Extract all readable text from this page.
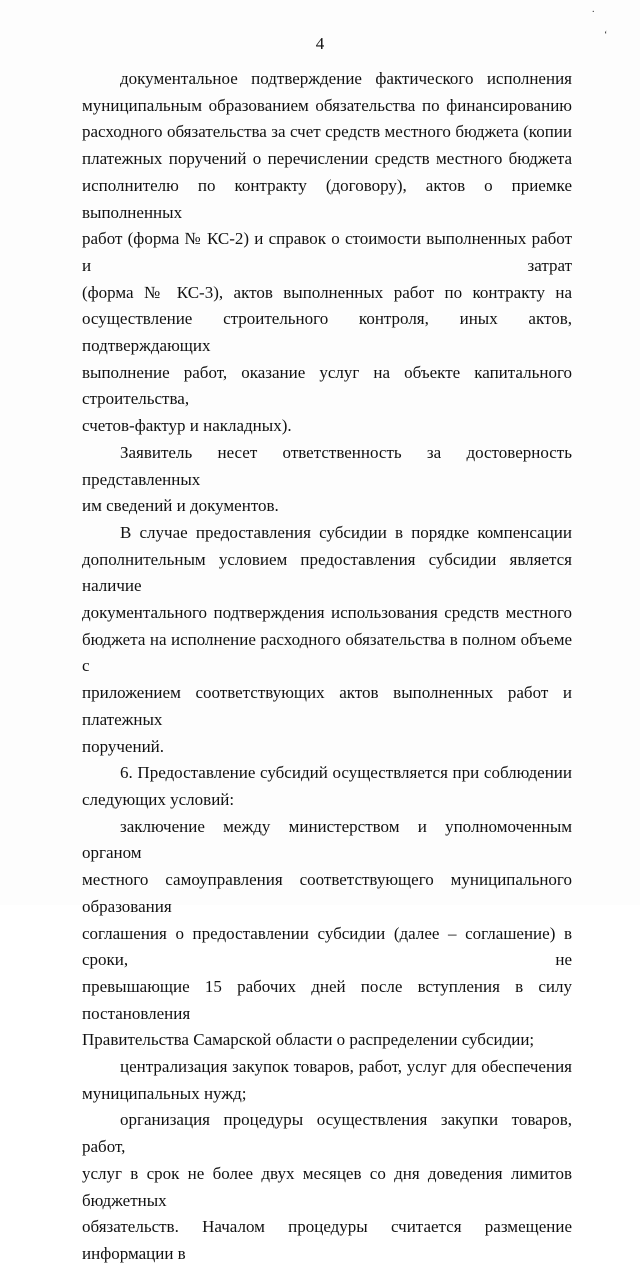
.
‘
4

документальное подтверждение фактического исполнения

муниципальным образованием обязательства по финансированию

расходного обязательства за счет средств местного бюджета (копии

платежных поручений о перечислении средств местного бюджета

исполнителю по контракту (договору), актов о приемке выполненных

работ (форма № КС-2) и справок о стоимости выполненных работ и затрат

(форма № КС-3), актов выполненных работ по контракту на

осуществление строительного контроля, иных актов, подтверждающих

выполнение работ, оказание услуг на объекте капитального строительства,

счетов-фактур и накладных).

Заявитель несет ответственность за достоверность представленных

им сведений и документов.

В случае предоставления субсидии в порядке компенсации

дополнительным условием предоставления субсидии является наличие

документального подтверждения использования средств местного

бюджета на исполнение расходного обязательства в полном объеме с

приложением соответствующих актов выполненных работ и платежных

поручений.

6. Предоставление субсидий осуществляется при соблюдении

следующих условий:

заключение между министерством и уполномоченным органом

местного самоуправления соответствующего муниципального образования

соглашения о предоставлении субсидии (далее – соглашение) в сроки, не

превышающие 15 рабочих дней после вступления в силу постановления

Правительства Самарской области о распределении субсидии;

централизация закупок товаров, работ, услуг для обеспечения

муниципальных нужд;

организация процедуры осуществления закупки товаров, работ,

услуг в срок не более двух месяцев со дня доведения лимитов бюджетных

обязательств. Началом процедуры считается размещение информации в
